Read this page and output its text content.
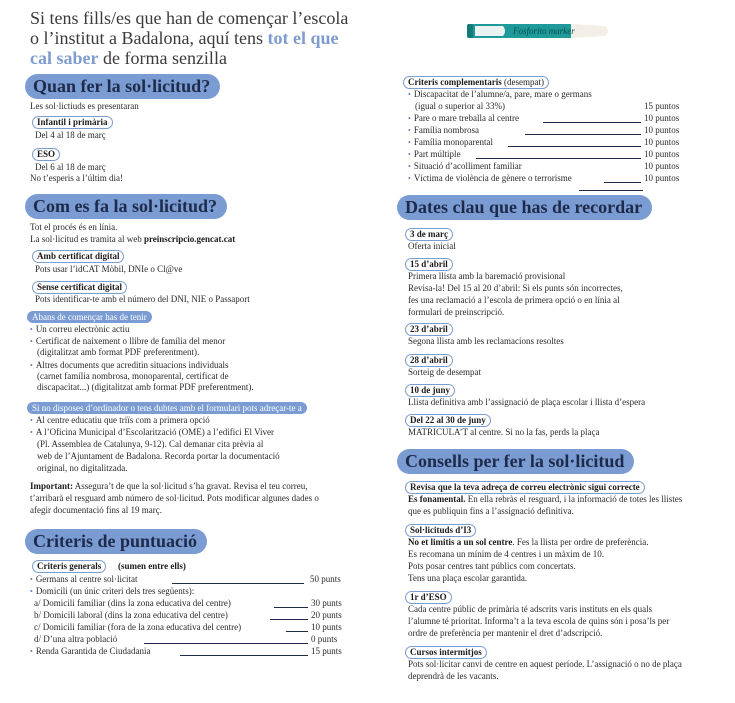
Si tens fills/es que han de començar l’escola
o l’institut a Badalona, aquí tens tot el que
cal saber de forma senzilla
Fosforito marker
Quan fer la sol·licitud?
Les sol·lictiuds es presentaran
Infantil i primària
Del 4 al 18 de març
ESO
Del 6 al 18 de març
No t’esperis a l’últim dia!
Com es fa la sol·licitud?
Tot el procés és en línia.
La sol·licitud es tramita al web preinscripcio.gencat.cat
Amb certificat digital
Pots usar l’idCAT Mòbil, DNIe o Cl@ve
Sense certificat digital
Pots identificar-te amb el número del DNI, NIE o Passaport
Abans de començar has de tenir
• Un correu electrònic actiu
• Certificat de naixement o llibre de família del menor
(digitalitzat amb format PDF preferentment).
• Altres documents que acreditin situacions individuals
(carnet família nombrosa, monoparental, certificat de
discapacitat...) (digitalitzat amb format PDF preferentment).
Si no disposes d’ordinador o tens dubtes amb el formulari pots adreçar-te a
• Al centre educatiu que triïs com a primera opció
• A l’Oficina Municipal d’Escolarització (OME) a l’edifici El Viver
(Pl. Assemblea de Catalunya, 9-12). Cal demanar cita prèvia al
web de l’Ajuntament de Badalona. Recorda portar la documentació
original, no digitalitzada.
Important: Assegura’t de que la sol·licitud s’ha gravat. Revisa el teu correu,
t’arribarà el resguard amb número de sol·licitud. Pots modificar algunes dades o
afegir documentació fins al 19 març.
Criteris de puntuació
Criteris generals	(sumen entre ells)
• Germans al centre sol·licitat	50 punts
• Domicili (un únic criteri dels tres següents):
a/ Domicili familiar (dins la zona educativa del centre)	30 punts
b/ Domicili laboral (dins la zona educativa del centre)	20 punts
c/ Domicili familiar (fora de la zona educativa del centre)	10 punts
d/ D’una altra població	0 punts
• Renda Garantida de Ciudadania	15 punts
Criteris complementaris (desempat)
• Discapacitat de l’alumne/a, pare, mare o germans
(igual o superior al 33%)	15 puntos
• Pare o mare treballa al centre	10 puntos
• Família nombrosa	10 puntos
• Família monoparental	10 puntos
• Part múltiple	10 puntos
• Situació d’acolliment familiar	10 puntos
• Víctima de violència de gènere o terrorisme	10 puntos
Dates clau que has de recordar
3 de març
Oferta inicial
15 d’abril
Primera llista amb la baremació provisional
Revisa-la! Del 15 al 20 d’abril: Si els punts són incorrectes,
fes una reclamació a l’escola de primera opció o en línia al
formulari de preinscripció.
23 d’abril
Segona llista amb les reclamacions resoltes
28 d’abril
Sorteig de desempat
10 de juny
Llista definitiva amb l’assignació de plaça escolar i llista d’espera
Del 22 al 30 de juny
MATRICULA’T al centre. Si no la fas, perds la plaça
Consells per fer la sol·licitud
Revisa que la teva adreça de correu electrònic sigui correcte
Es fonamental. En ella rebràs el resguard, i la informació de totes les llistes
que es publiquin fins a l’assignació definitiva.
Sol·licituds d’I3
No et limitis a un sol centre. Fes la llista per ordre de preferència.
Es recomana un mínim de 4 centres i un màxim de 10.
Pots posar centres tant públics com concertats.
Tens una plaça escolar garantida.
1r d’ESO
Cada centre públic de primària té adscrits varis instituts en els quals
l’alumne té prioritat. Informa’t a la teva escola de quins són i posa’ls per
ordre de preferència per mantenir el dret d’adscripció.
Cursos intermitjos
Pots sol·licitar canvi de centre en aquest període. L’assignació o no de plaça
deprendrà de les vacants.
